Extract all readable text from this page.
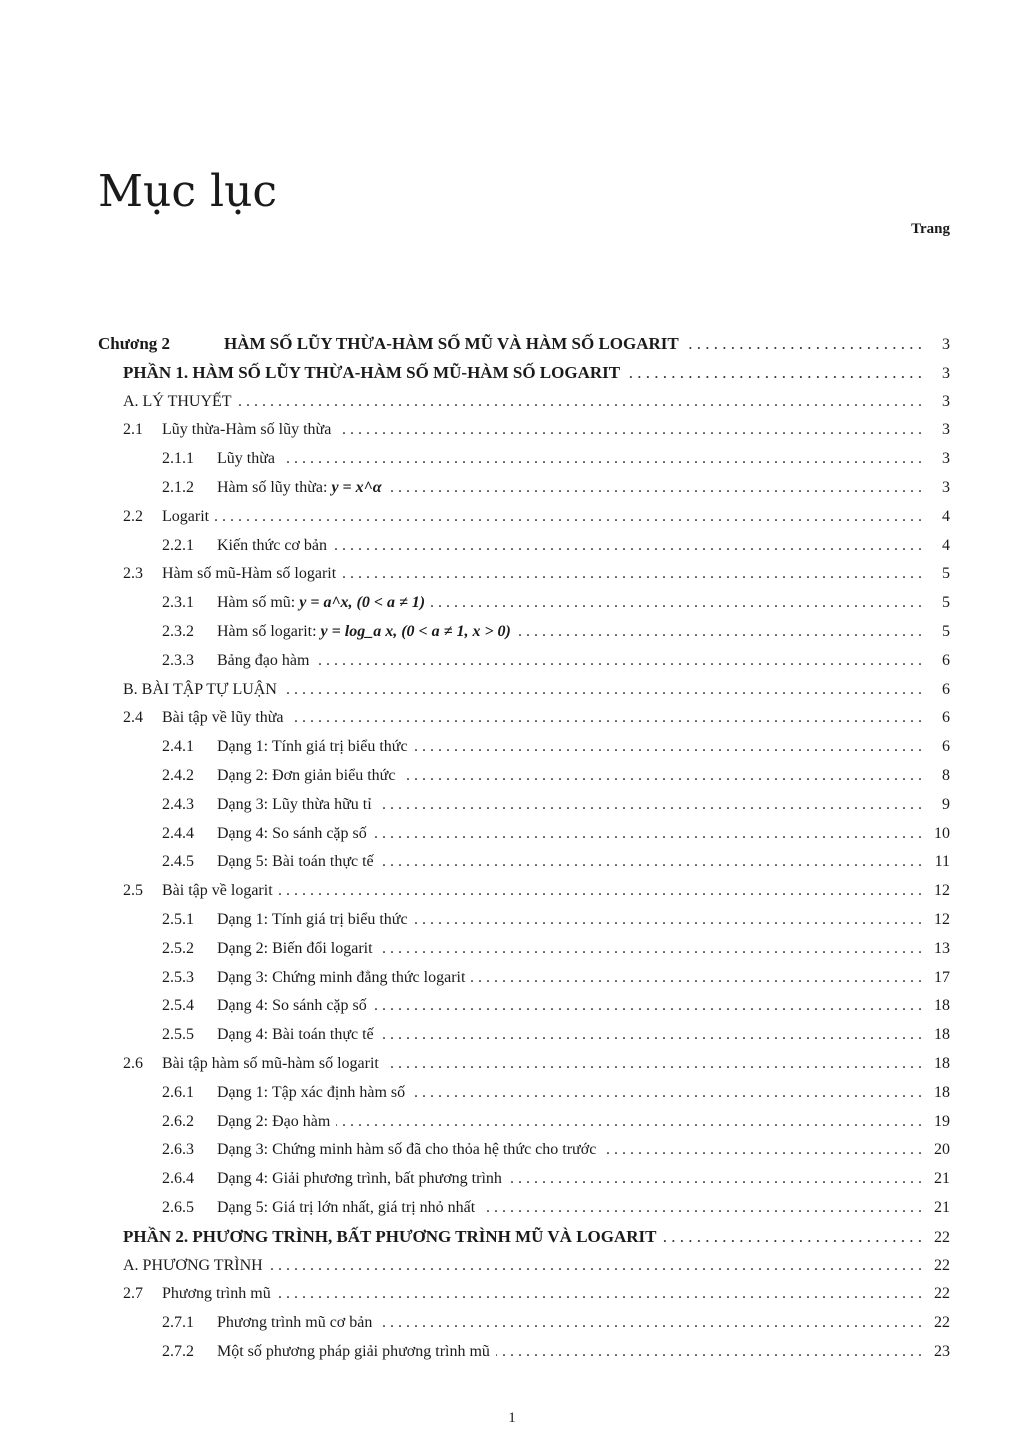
Mục lục
Trang
Chương 2	HÀM SỐ LŨY THỪA-HÀM SỐ MŨ VÀ HÀM SỐ LOGARIT . . .	3
PHẦN 1. HÀM SỐ LŨY THỪA-HÀM SỐ MŨ-HÀM SỐ LOGARIT . . .	3
A. LÝ THUYẾT . . .	3
2.1	Lũy thừa-Hàm số lũy thừa . . .	3
2.1.1	Lũy thừa . . .	3
2.1.2	Hàm số lũy thừa: y = x^α . . .	3
2.2	Logarit . . .	4
2.2.1	Kiến thức cơ bản . . .	4
2.3	Hàm số mũ-Hàm số logarit . . .	5
2.3.1	Hàm số mũ: y = a^x, (0 < a ≠ 1) . . .	5
2.3.2	Hàm số logarit: y = log_a x, (0 < a ≠ 1, x > 0) . . .	5
2.3.3	Bảng đạo hàm . . .	6
B. BÀI TẬP TỰ LUẬN . . .	6
2.4	Bài tập về lũy thừa . . .	6
2.4.1	Dạng 1: Tính giá trị biểu thức . . .	6
2.4.2	Dạng 2: Đơn giản biểu thức . . .	8
2.4.3	Dạng 3: Lũy thừa hữu tỉ . . .	9
2.4.4	Dạng 4: So sánh cặp số . . .	10
2.4.5	Dạng 5: Bài toán thực tế . . .	11
2.5	Bài tập về logarit . . .	12
2.5.1	Dạng 1: Tính giá trị biểu thức . . .	12
2.5.2	Dạng 2: Biến đổi logarit . . .	13
2.5.3	Dạng 3: Chứng minh đẳng thức logarit . . .	17
2.5.4	Dạng 4: So sánh cặp số . . .	18
2.5.5	Dạng 4: Bài toán thực tế . . .	18
2.6	Bài tập hàm số mũ-hàm số logarit . . .	18
2.6.1	Dạng 1: Tập xác định hàm số . . .	18
2.6.2	Dạng 2: Đạo hàm . . .	19
2.6.3	Dạng 3: Chứng minh hàm số đã cho thỏa hệ thức cho trước . . .	20
2.6.4	Dạng 4: Giải phương trình, bất phương trình . . .	21
2.6.5	Dạng 5: Giá trị lớn nhất, giá trị nhỏ nhất . . .	21
PHẦN 2. PHƯƠNG TRÌNH, BẤT PHƯƠNG TRÌNH MŨ VÀ LOGARIT . . .	22
A. PHƯƠNG TRÌNH . . .	22
2.7	Phương trình mũ . . .	22
2.7.1	Phương trình mũ cơ bản . . .	22
2.7.2	Một số phương pháp giải phương trình mũ . . .	23
1
